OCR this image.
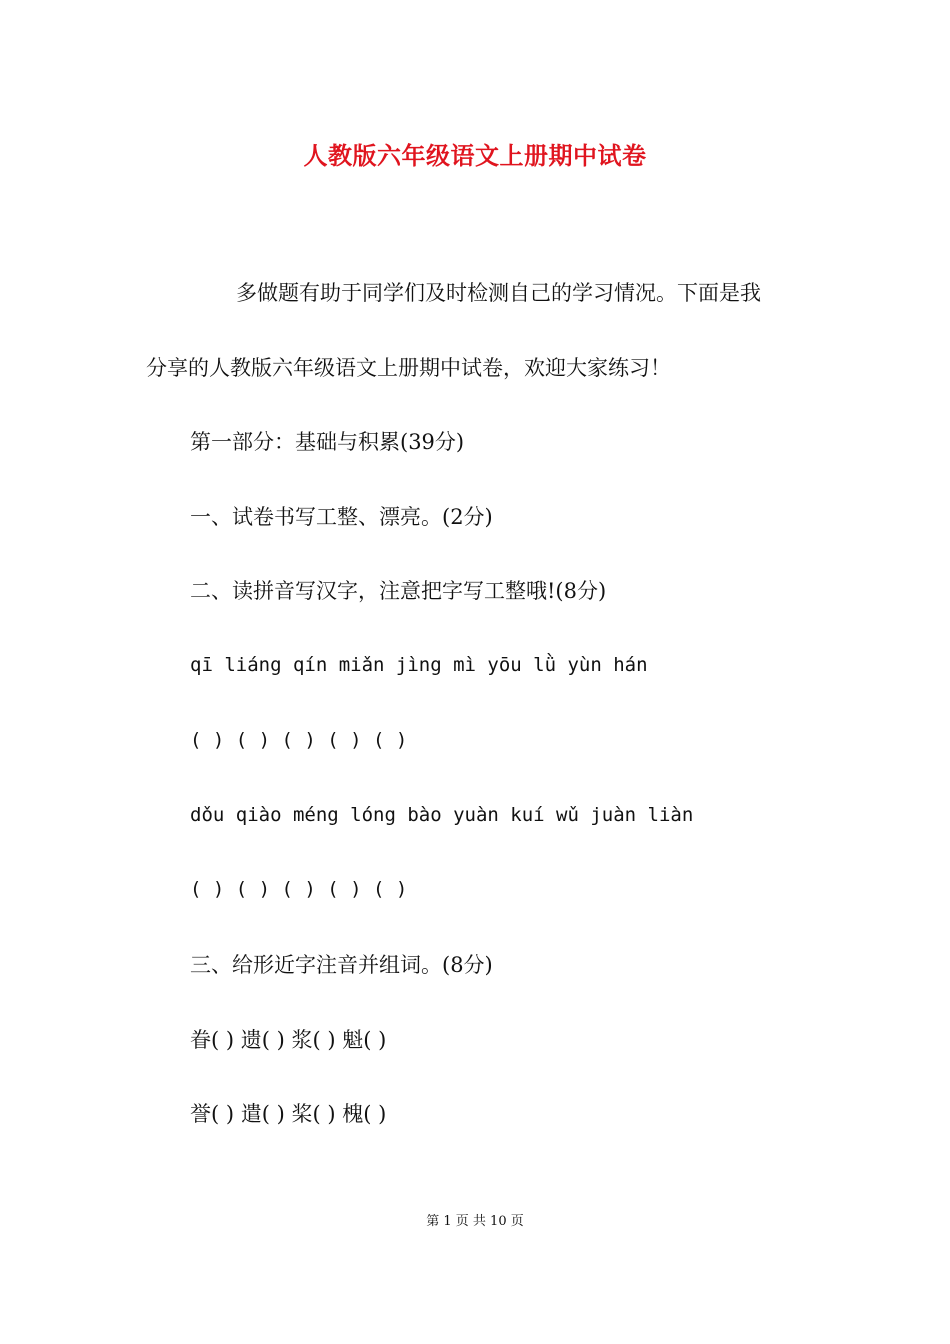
人教版六年级语文上册期中试卷
多做题有助于同学们及时检测自己的学习情况。下面是我
分享的人教版六年级语文上册期中试卷，欢迎大家练习！
第一部分：基础与积累(39分)
一、试卷书写工整、漂亮。(2分)
二、读拼音写汉字，注意把字写工整哦!(8分)
qī liáng qín miǎn jìng mì yōu lǜ yùn hán
( ) ( ) ( ) ( ) ( )
dǒu qiào méng lóng bào yuàn kuí wǔ juàn liàn
( ) ( ) ( ) ( ) ( )
三、给形近字注音并组词。(8分)
眷( ) 遗( ) 浆( ) 魁( )
誉( ) 遣( ) 桨( ) 槐( )
第 1 页 共 10 页
